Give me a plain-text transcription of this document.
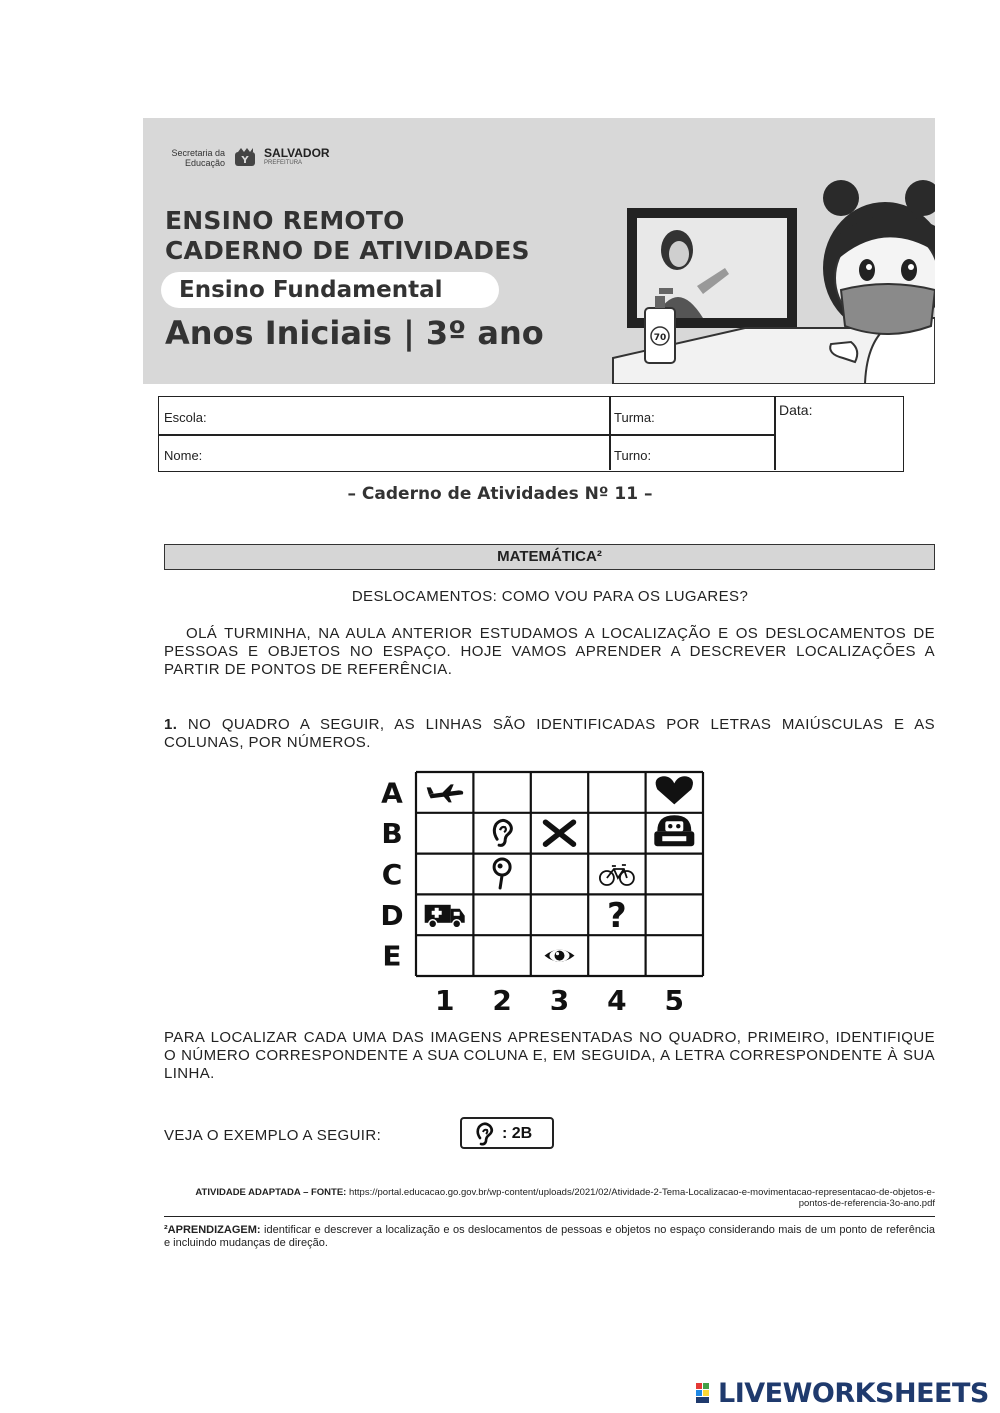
Secretaria da Educação Y
SALVADOR
PREFEITURA
ENSINO REMOTO
CADERNO DE ATIVIDADES
Ensino Fundamental
Anos Iniciais | 3º ano	70
Escola:	Turma:	Data:
Nome:	Turno:
– Caderno de Atividades Nº 11 –
MATEMÁTICA²
DESLOCAMENTOS: COMO VOU PARA OS LUGARES?
OLÁ TURMINHA, NA AULA ANTERIOR ESTUDAMOS A LOCALIZAÇÃO E OS DESLOCAMENTOS DE PESSOAS E OBJETOS NO ESPAÇO. HOJE VAMOS APRENDER A DESCREVER LOCALIZAÇÕES A PARTIR DE PONTOS DE REFERÊNCIA.
1. NO QUADRO A SEGUIR, AS LINHAS SÃO IDENTIFICADAS POR LETRAS MAIÚSCULAS E AS COLUNAS, POR NÚMEROS.
A
B
C
D
E
1 2 3 4 5
?
PARA LOCALIZAR CADA UMA DAS IMAGENS APRESENTADAS NO QUADRO, PRIMEIRO, IDENTIFIQUE O NÚMERO CORRESPONDENTE A SUA COLUNA E, EM SEGUIDA, A LETRA CORRESPONDENTE À SUA LINHA.
VEJA O EXEMPLO A SEGUIR:	: 2B
ATIVIDADE ADAPTADA – FONTE: https://portal.educacao.go.gov.br/wp-content/uploads/2021/02/Atividade-2-Tema-Localizacao-e-movimentacao-representacao-de-objetos-e-pontos-de-referencia-3o-ano.pdf
²APRENDIZAGEM: identificar e descrever a localização e os deslocamentos de pessoas e objetos no espaço considerando mais de um ponto de referência e incluindo mudanças de direção.
LIVEWORKSHEETS
